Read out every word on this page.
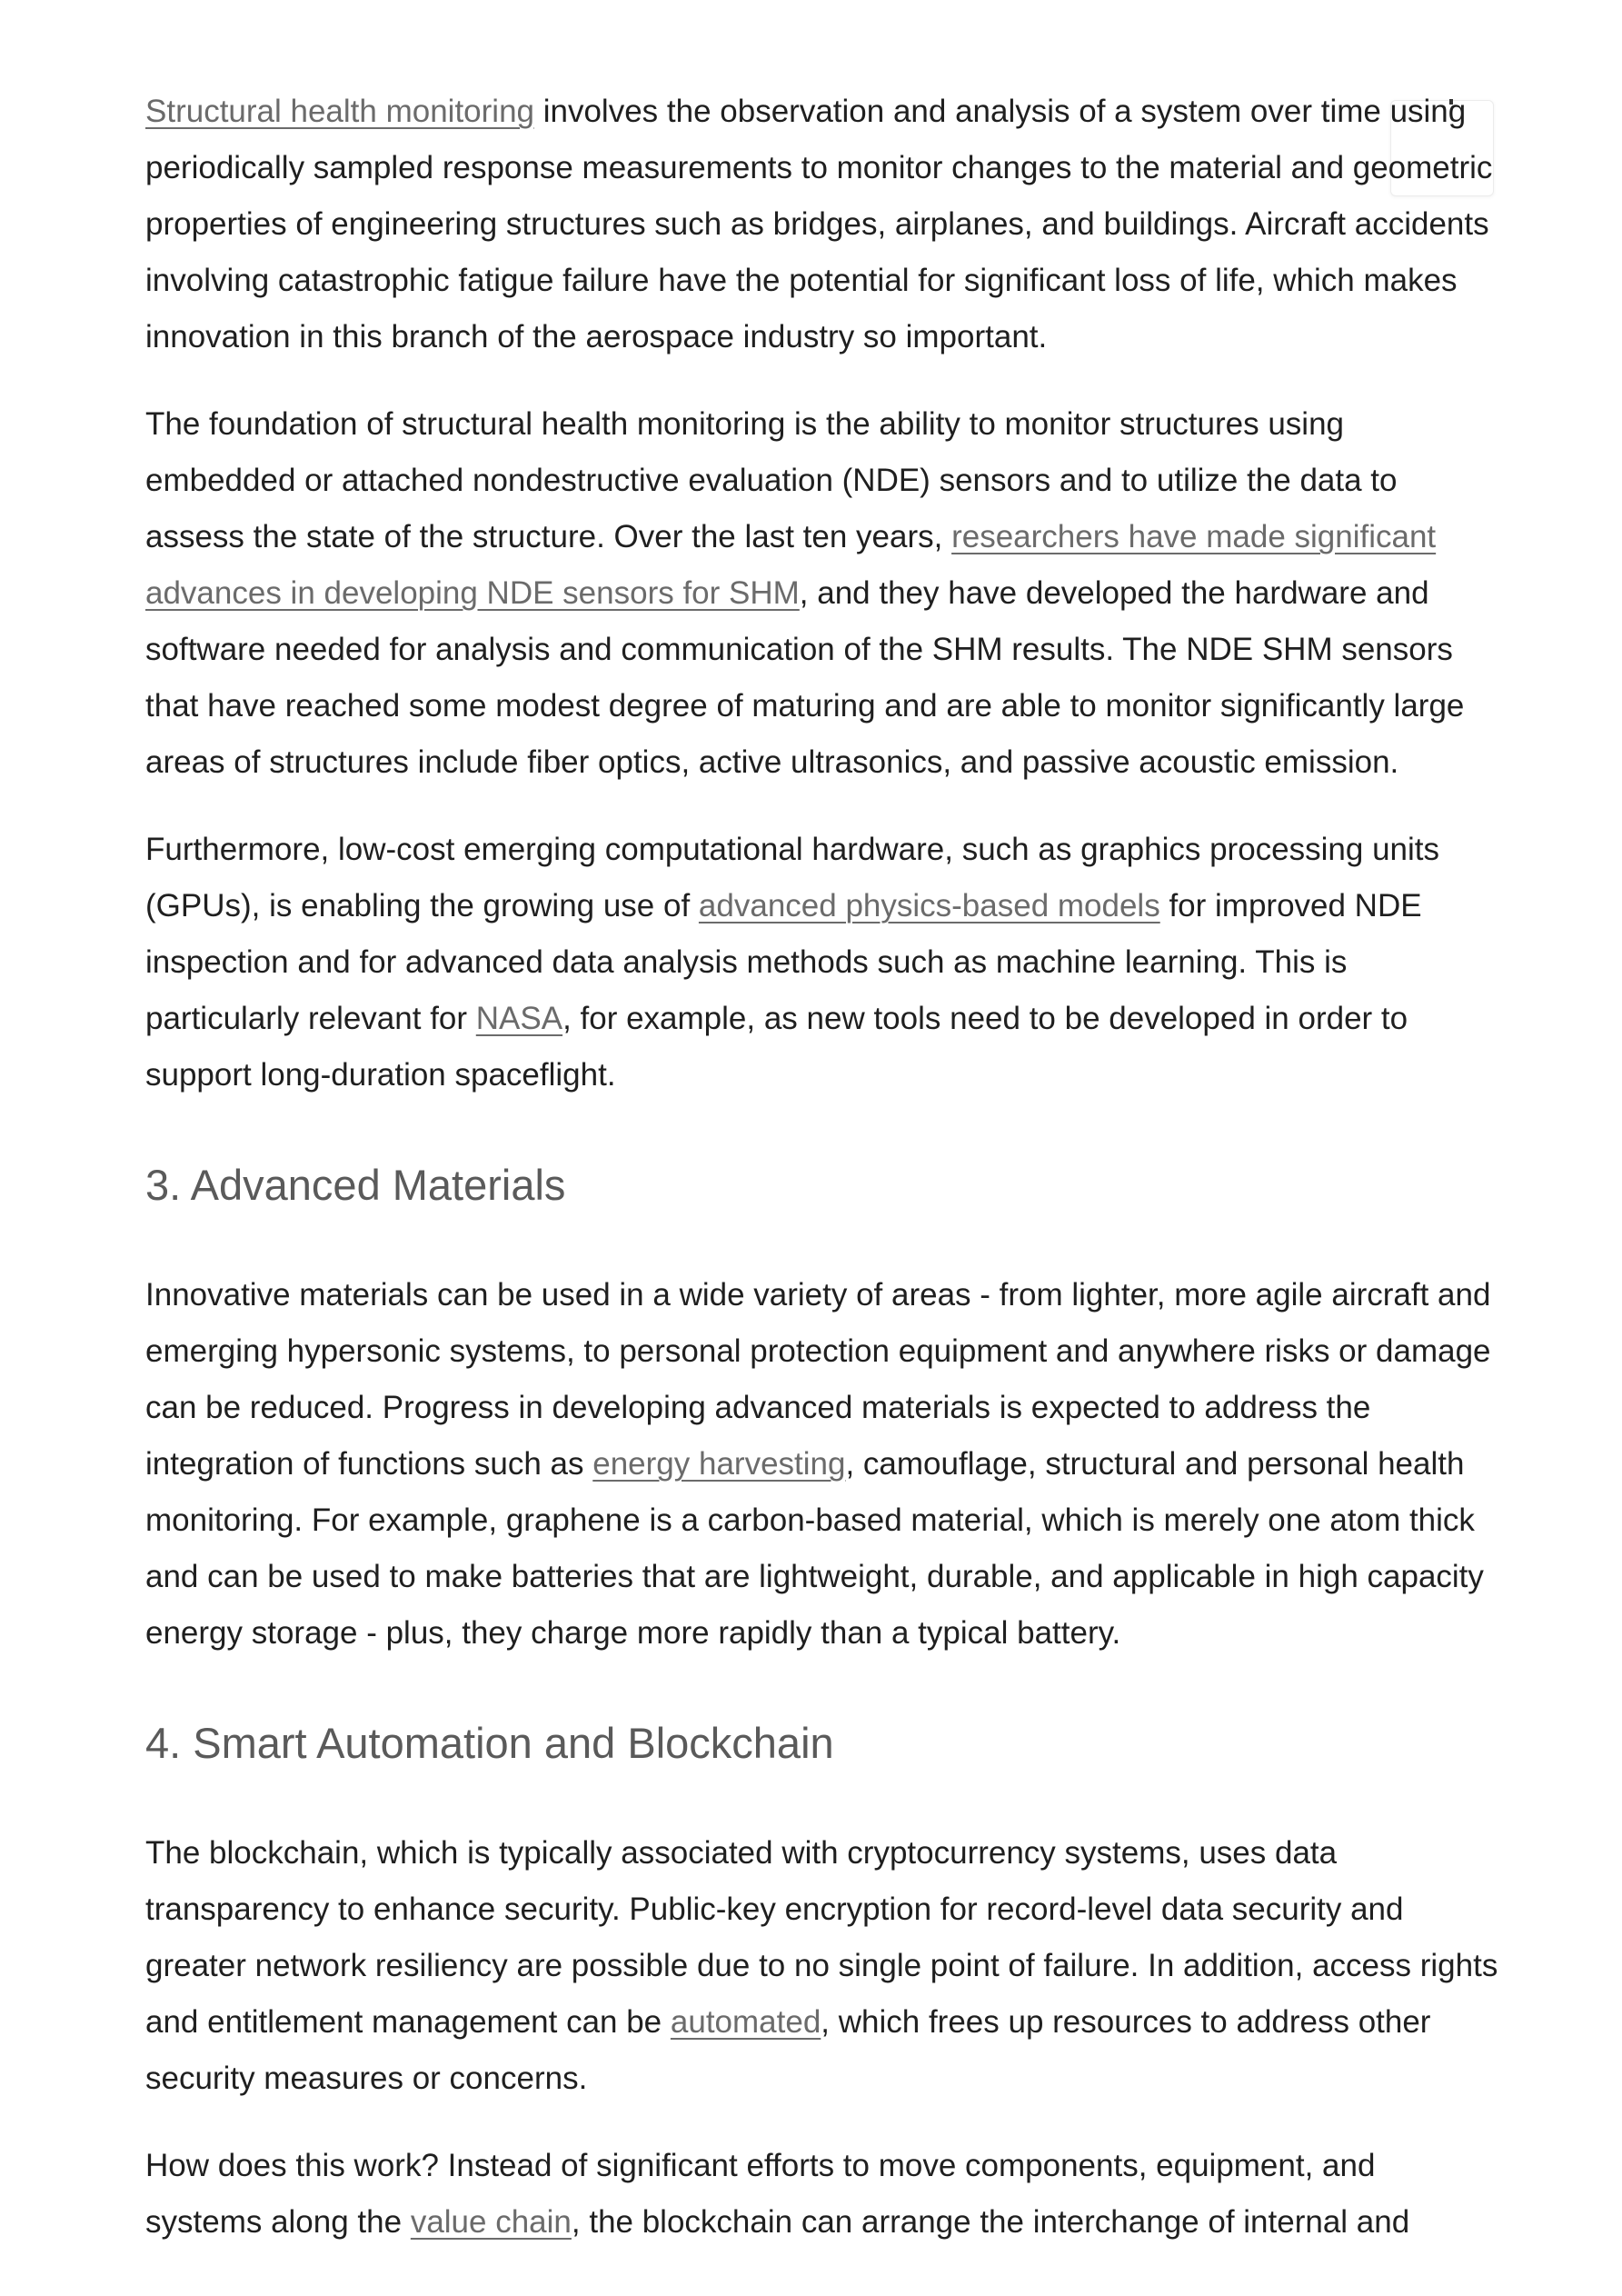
Structural health monitoring involves the observation and analysis of a system over time using periodically sampled response measurements to monitor changes to the material and geometric properties of engineering structures such as bridges, airplanes, and buildings. Aircraft accidents involving catastrophic fatigue failure have the potential for significant loss of life, which makes innovation in this branch of the aerospace industry so important.

The foundation of structural health monitoring is the ability to monitor structures using embedded or attached nondestructive evaluation (NDE) sensors and to utilize the data to assess the state of the structure. Over the last ten years, researchers have made significant advances in developing NDE sensors for SHM, and they have developed the hardware and software needed for analysis and communication of the SHM results. The NDE SHM sensors that have reached some modest degree of maturing and are able to monitor significantly large areas of structures include fiber optics, active ultrasonics, and passive acoustic emission.

Furthermore, low-cost emerging computational hardware, such as graphics processing units (GPUs), is enabling the growing use of advanced physics-based models for improved NDE inspection and for advanced data analysis methods such as machine learning. This is particularly relevant for NASA, for example, as new tools need to be developed in order to support long-duration spaceflight.

3. Advanced Materials

Innovative materials can be used in a wide variety of areas - from lighter, more agile aircraft and emerging hypersonic systems, to personal protection equipment and anywhere risks or damage can be reduced. Progress in developing advanced materials is expected to address the integration of functions such as energy harvesting, camouflage, structural and personal health monitoring. For example, graphene is a carbon-based material, which is merely one atom thick and can be used to make batteries that are lightweight, durable, and applicable in high capacity energy storage - plus, they charge more rapidly than a typical battery.

4. Smart Automation and Blockchain

The blockchain, which is typically associated with cryptocurrency systems, uses data transparency to enhance security. Public-key encryption for record-level data security and greater network resiliency are possible due to no single point of failure. In addition, access rights and entitlement management can be automated, which frees up resources to address other security measures or concerns.

How does this work? Instead of significant efforts to move components, equipment, and systems along the value chain, the blockchain can arrange the interchange of internal and
